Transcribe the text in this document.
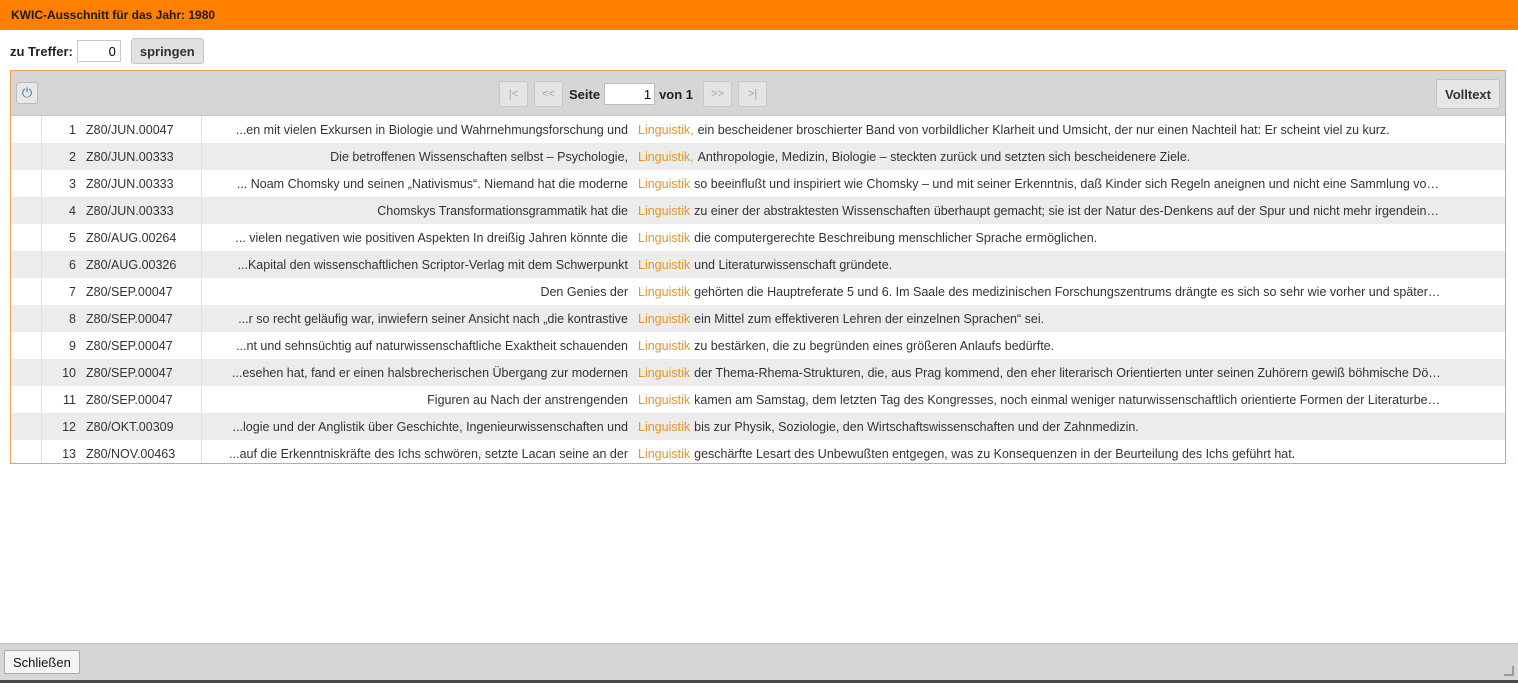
KWIC-Ausschnitt für das Jahr: 1980
zu Treffer:
0	springen
⏻	|<	<<	Seite
1	von 1	>>	>|	Volltext
	1	Z80/JUN.00047	...en mit vielen Exkursen in Biologie und Wahrnehmungsforschung und	Linguistik, ein bescheidener broschierter Band von vorbildlicher Klarheit und Umsicht, der nur einen Nachteil hat: Er scheint viel zu kurz.
	2	Z80/JUN.00333	Die betroffenen Wissenschaften selbst – Psychologie,	Linguistik, Anthropologie, Medizin, Biologie – steckten zurück und setzten sich bescheidenere Ziele.
	3	Z80/JUN.00333	... Noam Chomsky und seinen „Nativismus“. Niemand hat die moderne	Linguistik so beeinflußt und inspiriert wie Chomsky – und mit seiner Erkenntnis, daß Kinder sich Regeln aneignen und nicht eine Sammlung vo…
	4	Z80/JUN.00333	Chomskys Transformationsgrammatik hat die	Linguistik zu einer der abstraktesten Wissenschaften überhaupt gemacht; sie ist der Natur des-Denkens auf der Spur und nicht mehr irgendein…
	5	Z80/AUG.00264	... vielen negativen wie positiven Aspekten In dreißig Jahren könnte die	Linguistik die computergerechte Beschreibung menschlicher Sprache ermöglichen.
	6	Z80/AUG.00326	...Kapital den wissenschaftlichen Scriptor-Verlag mit dem Schwerpunkt	Linguistik und Literaturwissenschaft gründete.
	7	Z80/SEP.00047	Den Genies der	Linguistik gehörten die Hauptreferate 5 und 6. Im Saale des medizinischen Forschungszentrums drängte es sich so sehr wie vorher und später…
	8	Z80/SEP.00047	...r so recht geläufig war, inwiefern seiner Ansicht nach „die kontrastive	Linguistik ein Mittel zum effektiveren Lehren der einzelnen Sprachen“ sei.
	9	Z80/SEP.00047	...nt und sehnsüchtig auf naturwissenschaftliche Exaktheit schauenden	Linguistik zu bestärken, die zu begründen eines größeren Anlaufs bedürfte.
	10	Z80/SEP.00047	...esehen hat, fand er einen halsbrecherischen Übergang zur modernen	Linguistik der Thema-Rhema-Strukturen, die, aus Prag kommend, den eher literarisch Orientierten unter seinen Zuhörern gewiß böhmische Dö…
	11	Z80/SEP.00047	Figuren au Nach der anstrengenden	Linguistik kamen am Samstag, dem letzten Tag des Kongresses, noch einmal weniger naturwissenschaftlich orientierte Formen der Literaturbe…
	12	Z80/OKT.00309	...logie und der Anglistik über Geschichte, Ingenieurwissenschaften und	Linguistik bis zur Physik, Soziologie, den Wirtschaftswissenschaften und der Zahnmedizin.
	13	Z80/NOV.00463	...auf die Erkenntniskräfte des Ichs schwören, setzte Lacan seine an der	Linguistik geschärfte Lesart des Unbewußten entgegen, was zu Konsequenzen in der Beurteilung des Ichs geführt hat.
Schließen
